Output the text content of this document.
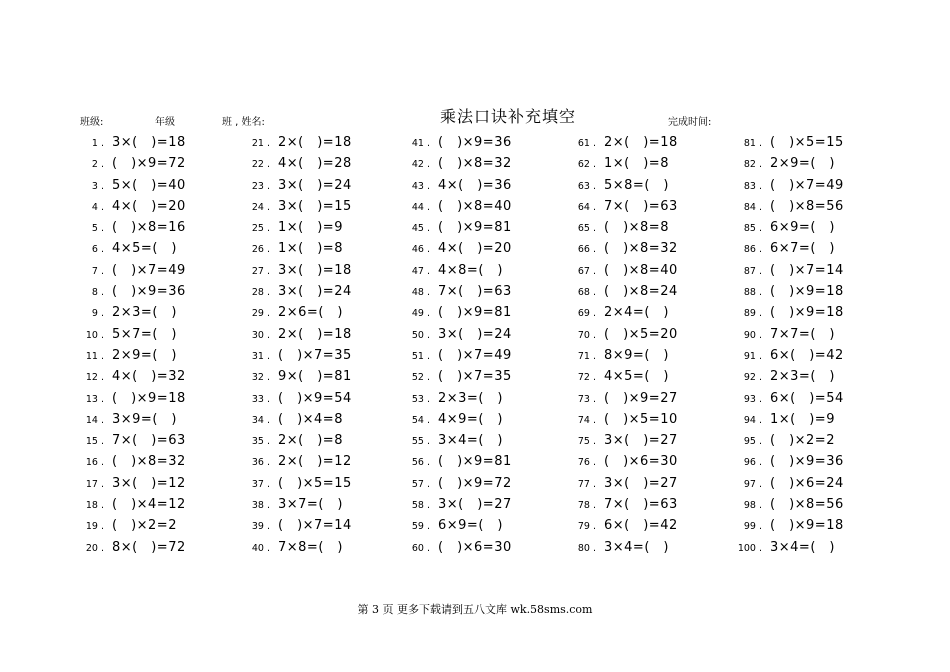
班级:	年级	班 , 姓名:	乘法口诀补充填空	完成时间:
1 . 3×(　)=18
2 . (　)×9=72
3 . 5×(　)=40
4 . 4×(　)=20
5 . (　)×8=16
6 . 4×5=(　)
7 . (　)×7=49
8 . (　)×9=36
9 . 2×3=(　)
10 . 5×7=(　)
11 . 2×9=(　)
12 . 4×(　)=32
13 . (　)×9=18
14 . 3×9=(　)
15 . 7×(　)=63
16 . (　)×8=32
17 . 3×(　)=12
18 . (　)×4=12
19 . (　)×2=2
20 . 8×(　)=72
21 . 2×(　)=18
22 . 4×(　)=28
23 . 3×(　)=24
24 . 3×(　)=15
25 . 1×(　)=9
26 . 1×(　)=8
27 . 3×(　)=18
28 . 3×(　)=24
29 . 2×6=(　)
30 . 2×(　)=18
31 . (　)×7=35
32 . 9×(　)=81
33 . (　)×9=54
34 . (　)×4=8
35 . 2×(　)=8
36 . 2×(　)=12
37 . (　)×5=15
38 . 3×7=(　)
39 . (　)×7=14
40 . 7×8=(　)
41 . (　)×9=36
42 . (　)×8=32
43 . 4×(　)=36
44 . (　)×8=40
45 . (　)×9=81
46 . 4×(　)=20
47 . 4×8=(　)
48 . 7×(　)=63
49 . (　)×9=81
50 . 3×(　)=24
51 . (　)×7=49
52 . (　)×7=35
53 . 2×3=(　)
54 . 4×9=(　)
55 . 3×4=(　)
56 . (　)×9=81
57 . (　)×9=72
58 . 3×(　)=27
59 . 6×9=(　)
60 . (　)×6=30
61 . 2×(　)=18
62 . 1×(　)=8
63 . 5×8=(　)
64 . 7×(　)=63
65 . (　)×8=8
66 . (　)×8=32
67 . (　)×8=40
68 . (　)×8=24
69 . 2×4=(　)
70 . (　)×5=20
71 . 8×9=(　)
72 . 4×5=(　)
73 . (　)×9=27
74 . (　)×5=10
75 . 3×(　)=27
76 . (　)×6=30
77 . 3×(　)=27
78 . 7×(　)=63
79 . 6×(　)=42
80 . 3×4=(　)
81 . (　)×5=15
82 . 2×9=(　)
83 . (　)×7=49
84 . (　)×8=56
85 . 6×9=(　)
86 . 6×7=(　)
87 . (　)×7=14
88 . (　)×9=18
89 . (　)×9=18
90 . 7×7=(　)
91 . 6×(　)=42
92 . 2×3=(　)
93 . 6×(　)=54
94 . 1×(　)=9
95 . (　)×2=2
96 . (　)×9=36
97 . (　)×6=24
98 . (　)×8=56
99 . (　)×9=18
100 . 3×4=(　)
第 3 页 更多下载请到五八文库 wk.58sms.com
